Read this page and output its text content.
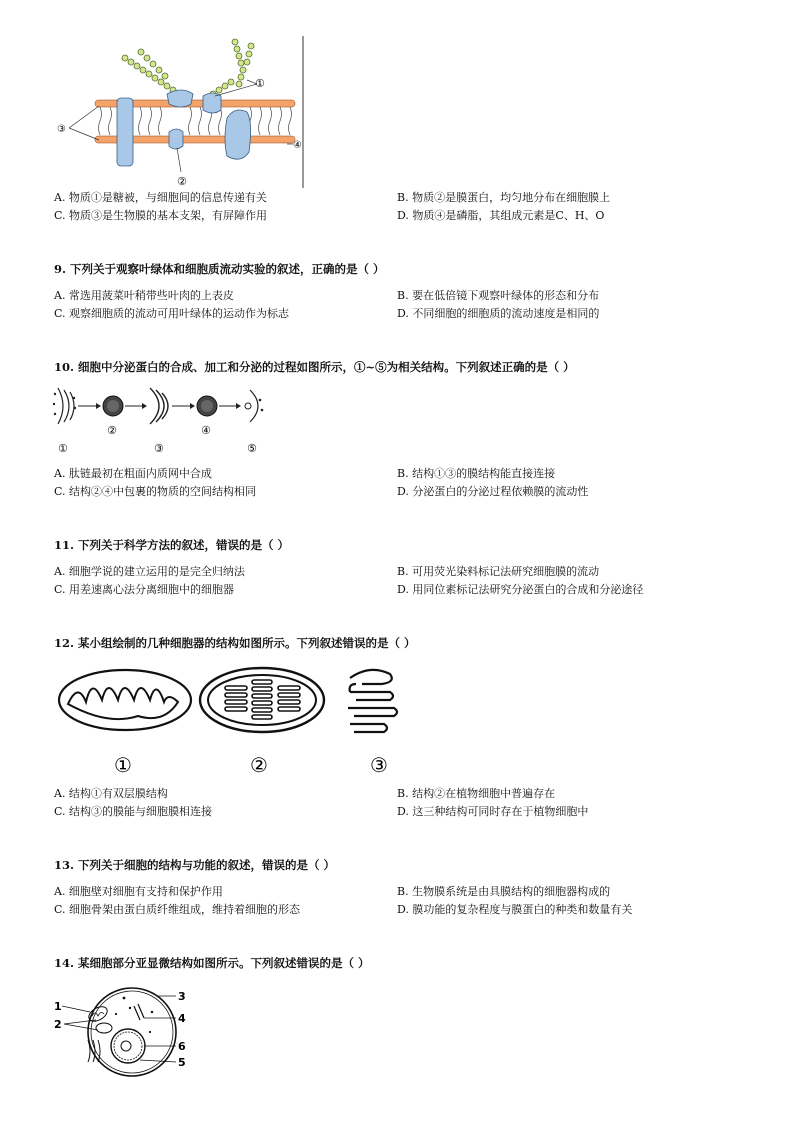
①
②
③
④
A. 物质①是糖被，与细胞间的信息传递有关	B. 物质②是膜蛋白，均匀地分布在细胞膜上
C. 物质③是生物膜的基本支架，有屏障作用	D. 物质④是磷脂，其组成元素是C、H、O
9. 下列关于观察叶绿体和细胞质流动实验的叙述，正确的是（ ）
A. 常选用菠菜叶稍带些叶肉的上表皮	B. 要在低倍镜下观察叶绿体的形态和分布
C. 观察细胞质的流动可用叶绿体的运动作为标志	D. 不同细胞的细胞质的流动速度是相同的
10. 细胞中分泌蛋白的合成、加工和分泌的过程如图所示，①~⑤为相关结构。下列叙述正确的是（ ）
①
②
③
④
⑤
A. 肽链最初在粗面内质网中合成	B. 结构①③的膜结构能直接连接
C. 结构②④中包裹的物质的空间结构相同	D. 分泌蛋白的分泌过程依赖膜的流动性
11. 下列关于科学方法的叙述，错误的是（ ）
A. 细胞学说的建立运用的是完全归纳法	B. 可用荧光染料标记法研究细胞膜的流动
C. 用差速离心法分离细胞中的细胞器	D. 用同位素标记法研究分泌蛋白的合成和分泌途径
12. 某小组绘制的几种细胞器的结构如图所示。下列叙述错误的是（ ）
①	②	③
A. 结构①有双层膜结构	B. 结构②在植物细胞中普遍存在
C. 结构③的膜能与细胞膜相连接	D. 这三种结构可同时存在于植物细胞中
13. 下列关于细胞的结构与功能的叙述，错误的是（ ）
A. 细胞壁对细胞有支持和保护作用	B. 生物膜系统是由具膜结构的细胞器构成的
C. 细胞骨架由蛋白质纤维组成，维持着细胞的形态	D. 膜功能的复杂程度与膜蛋白的种类和数量有关
14. 某细胞部分亚显微结构如图所示。下列叙述错误的是（ ）
1
2
3
4
6
5
